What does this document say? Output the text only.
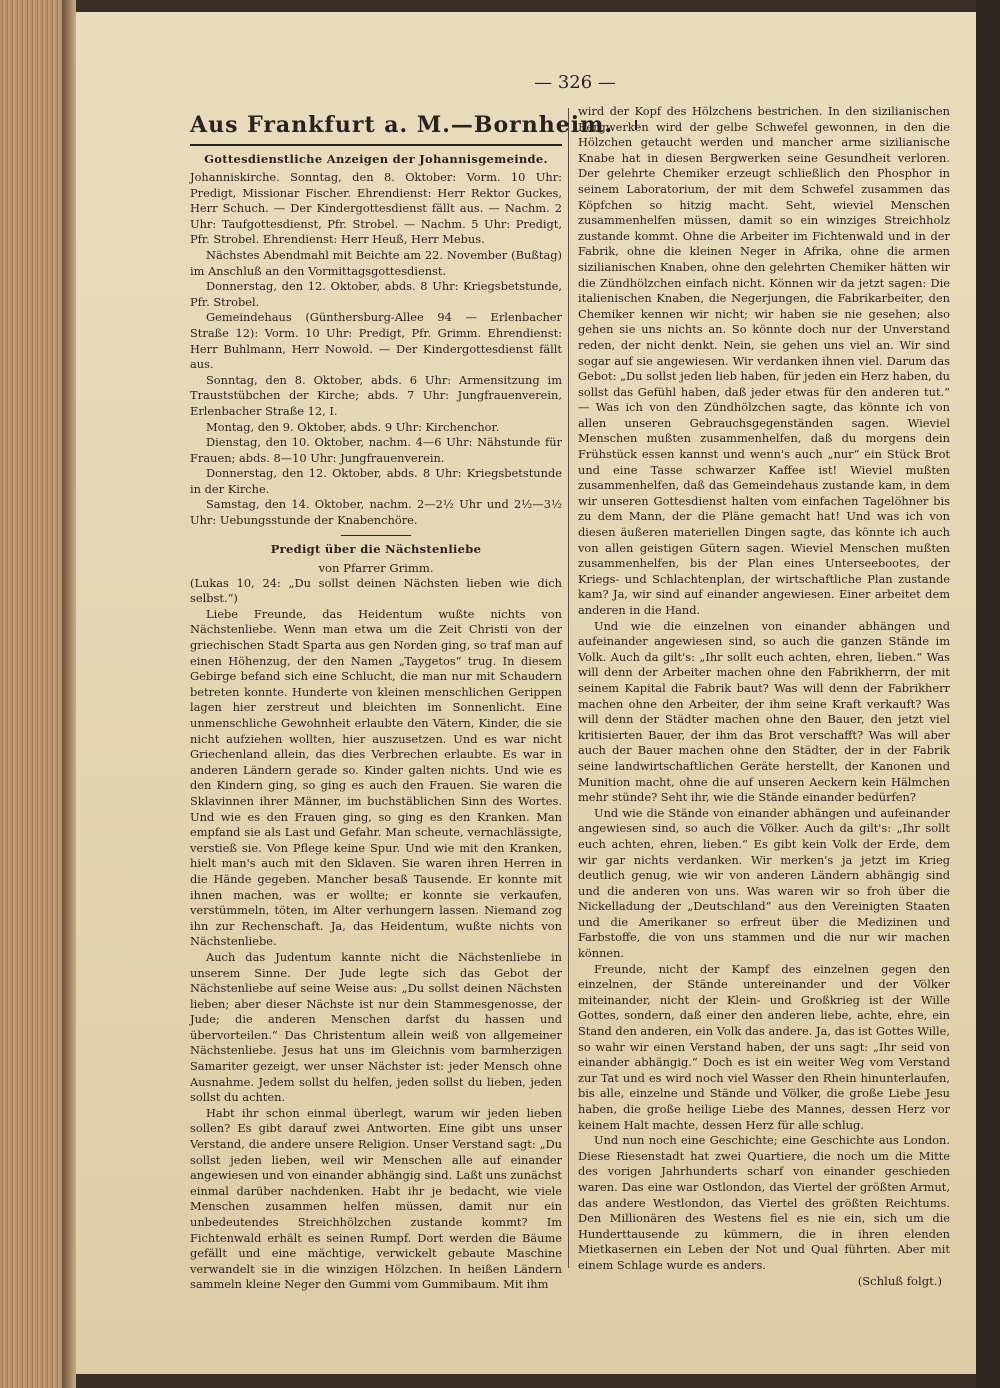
— 326 —
Aus Frankfurt a. M.—Bornheim.
Gottesdienstliche Anzeigen der Johannisgemeinde.

Johanniskirche. Sonntag, den 8. Oktober: Vorm. 10 Uhr: Predigt, Missionar Fischer. Ehrendienst: Herr Rektor Guckes, Herr Schuch. — Der Kindergottesdienst fällt aus. — Nachm. 2 Uhr: Taufgottesdienst, Pfr. Strobel. — Nachm. 5 Uhr: Predigt, Pfr. Strobel. Ehrendienst: Herr Heuß, Herr Mebus.

Nächstes Abendmahl mit Beichte am 22. November (Bußtag) im Anschluß an den Vormittagsgottesdienst.

Donnerstag, den 12. Oktober, abds. 8 Uhr: Kriegsbetstunde, Pfr. Strobel.

Gemeindehaus (Günthersburg-Allee 94 — Erlenbacher Straße 12): Vorm. 10 Uhr: Predigt, Pfr. Grimm. Ehrendienst: Herr Buhlmann, Herr Nowold. — Der Kindergottesdienst fällt aus.

Sonntag, den 8. Oktober, abds. 6 Uhr: Armensitzung im Trauststübchen der Kirche; abds. 7 Uhr: Jungfrauenverein, Erlenbacher Straße 12, I.

Montag, den 9. Oktober, abds. 9 Uhr: Kirchenchor.

Dienstag, den 10. Oktober, nachm. 4—6 Uhr: Nähstunde für Frauen; abds. 8—10 Uhr: Jungfrauenverein.

Donnerstag, den 12. Oktober, abds. 8 Uhr: Kriegsbetstunde in der Kirche.

Samstag, den 14. Oktober, nachm. 2—2½ Uhr und 2½—3½ Uhr: Uebungsstunde der Knabenchöre.

Predigt über die Nächstenliebe
von Pfarrer Grimm.

(Lukas 10, 24: „Du sollst deinen Nächsten lieben wie dich selbst.“)

Liebe Freunde, das Heidentum wußte nichts von Nächstenliebe. Wenn man etwa um die Zeit Christi von der griechischen Stadt Sparta aus gen Norden ging, so traf man auf einen Höhenzug, der den Namen „Taygetos“ trug. In diesem Gebirge befand sich eine Schlucht, die man nur mit Schaudern betreten konnte. Hunderte von kleinen menschlichen Gerippen lagen hier zerstreut und bleichten im Sonnenlicht. Eine unmenschliche Gewohnheit erlaubte den Vätern, Kinder, die sie nicht aufziehen wollten, hier auszusetzen. Und es war nicht Griechenland allein, das dies Verbrechen erlaubte. Es war in anderen Ländern gerade so. Kinder galten nichts. Und wie es den Kindern ging, so ging es auch den Frauen. Sie waren die Sklavinnen ihrer Männer, im buchstäblichen Sinn des Wortes. Und wie es den Frauen ging, so ging es den Kranken. Man empfand sie als Last und Gefahr. Man scheute, vernachlässigte, verstieß sie. Von Pflege keine Spur. Und wie mit den Kranken, hielt man's auch mit den Sklaven. Sie waren ihren Herren in die Hände gegeben. Mancher besaß Tausende. Er konnte mit ihnen machen, was er wollte; er konnte sie verkaufen, verstümmeln, töten, im Alter verhungern lassen. Niemand zog ihn zur Rechenschaft. Ja, das Heidentum, wußte nichts von Nächstenliebe.

Auch das Judentum kannte nicht die Nächstenliebe in unserem Sinne. Der Jude legte sich das Gebot der Nächstenliebe auf seine Weise aus: „Du sollst deinen Nächsten lieben; aber dieser Nächste ist nur dein Stammesgenosse, der Jude; die anderen Menschen darfst du hassen und übervorteilen.“ Das Christentum allein weiß von allgemeiner Nächstenliebe. Jesus hat uns im Gleichnis vom barmherzigen Samariter gezeigt, wer unser Nächster ist: jeder Mensch ohne Ausnahme. Jedem sollst du helfen, jeden sollst du lieben, jeden sollst du achten.

Habt ihr schon einmal überlegt, warum wir jeden lieben sollen? Es gibt darauf zwei Antworten. Eine gibt uns unser Verstand, die andere unsere Religion. Unser Verstand sagt: „Du sollst jeden lieben, weil wir Menschen alle auf einander angewiesen und von einander abhängig sind. Laßt uns zunächst einmal darüber nachdenken. Habt ihr je bedacht, wie viele Menschen zusammen helfen müssen, damit nur ein unbedeutendes Streichhölzchen zustande kommt? Im Fichtenwald erhält es seinen Rumpf. Dort werden die Bäume gefällt und eine mächtige, verwickelt gebaute Maschine verwandelt sie in die winzigen Hölzchen. In heißen Ländern sammeln kleine Neger den Gummi vom Gummibaum. Mit ihm

wird der Kopf des Hölzchens bestrichen. In den sizilianischen Bergwerken wird der gelbe Schwefel gewonnen, in den die Hölzchen getaucht werden und mancher arme sizilianische Knabe hat in diesen Bergwerken seine Gesundheit verloren. Der gelehrte Chemiker erzeugt schließlich den Phosphor in seinem Laboratorium, der mit dem Schwefel zusammen das Köpfchen so hitzig macht. Seht, wieviel Menschen zusammenhelfen müssen, damit so ein winziges Streichholz zustande kommt. Ohne die Arbeiter im Fichtenwald und in der Fabrik, ohne die kleinen Neger in Afrika, ohne die armen sizilianischen Knaben, ohne den gelehrten Chemiker hätten wir die Zündhölzchen einfach nicht. Können wir da jetzt sagen: Die italienischen Knaben, die Negerjungen, die Fabrikarbeiter, den Chemiker kennen wir nicht; wir haben sie nie gesehen; also gehen sie uns nichts an. So könnte doch nur der Unverstand reden, der nicht denkt. Nein, sie gehen uns viel an. Wir sind sogar auf sie angewiesen. Wir verdanken ihnen viel. Darum das Gebot: „Du sollst jeden lieb haben, für jeden ein Herz haben, du sollst das Gefühl haben, daß jeder etwas für den anderen tut.“ — Was ich von den Zündhölzchen sagte, das könnte ich von allen unseren Gebrauchsgegenständen sagen. Wieviel Menschen mußten zusammenhelfen, daß du morgens dein Frühstück essen kannst und wenn's auch „nur“ ein Stück Brot und eine Tasse schwarzer Kaffee ist! Wieviel mußten zusammenhelfen, daß das Gemeindehaus zustande kam, in dem wir unseren Gottesdienst halten vom einfachen Tagelöhner bis zu dem Mann, der die Pläne gemacht hat! Und was ich von diesen äußeren materiellen Dingen sagte, das könnte ich auch von allen geistigen Gütern sagen. Wieviel Menschen mußten zusammenhelfen, bis der Plan eines Unterseebootes, der Kriegs- und Schlachtenplan, der wirtschaftliche Plan zustande kam? Ja, wir sind auf einander angewiesen. Einer arbeitet dem anderen in die Hand.

Und wie die einzelnen von einander abhängen und aufeinander angewiesen sind, so auch die ganzen Stände im Volk. Auch da gilt's: „Ihr sollt euch achten, ehren, lieben.“ Was will denn der Arbeiter machen ohne den Fabrikherrn, der mit seinem Kapital die Fabrik baut? Was will denn der Fabrikherr machen ohne den Arbeiter, der ihm seine Kraft verkauft? Was will denn der Städter machen ohne den Bauer, den jetzt viel kritisierten Bauer, der ihm das Brot verschafft? Was will aber auch der Bauer machen ohne den Städter, der in der Fabrik seine landwirtschaftlichen Geräte herstellt, der Kanonen und Munition macht, ohne die auf unseren Aeckern kein Hälmchen mehr stünde? Seht ihr, wie die Stände einander bedürfen?

Und wie die Stände von einander abhängen und aufeinander angewiesen sind, so auch die Völker. Auch da gilt's: „Ihr sollt euch achten, ehren, lieben.“ Es gibt kein Volk der Erde, dem wir gar nichts verdanken. Wir merken's ja jetzt im Krieg deutlich genug, wie wir von anderen Ländern abhängig sind und die anderen von uns. Was waren wir so froh über die Nickelladung der „Deutschland“ aus den Vereinigten Staaten und die Amerikaner so erfreut über die Medizinen und Farbstoffe, die von uns stammen und die nur wir machen können.

Freunde, nicht der Kampf des einzelnen gegen den einzelnen, der Stände untereinander und der Völker miteinander, nicht der Klein- und Großkrieg ist der Wille Gottes, sondern, daß einer den anderen liebe, achte, ehre, ein Stand den anderen, ein Volk das andere. Ja, das ist Gottes Wille, so wahr wir einen Verstand haben, der uns sagt: „Ihr seid von einander abhängig.“ Doch es ist ein weiter Weg vom Verstand zur Tat und es wird noch viel Wasser den Rhein hinunterlaufen, bis alle, einzelne und Stände und Völker, die große Liebe Jesu haben, die große heilige Liebe des Mannes, dessen Herz vor keinem Halt machte, dessen Herz für alle schlug.

Und nun noch eine Geschichte; eine Geschichte aus London. Diese Riesenstadt hat zwei Quartiere, die noch um die Mitte des vorigen Jahrhunderts scharf von einander geschieden waren. Das eine war Ostlondon, das Viertel der größten Armut, das andere Westlondon, das Viertel des größten Reichtums. Den Millionären des Westens fiel es nie ein, sich um die Hunderttausende zu kümmern, die in ihren elenden Mietkasernen ein Leben der Not und Qual führten. Aber mit einem Schlage wurde es anders.

(Schluß folgt.)
